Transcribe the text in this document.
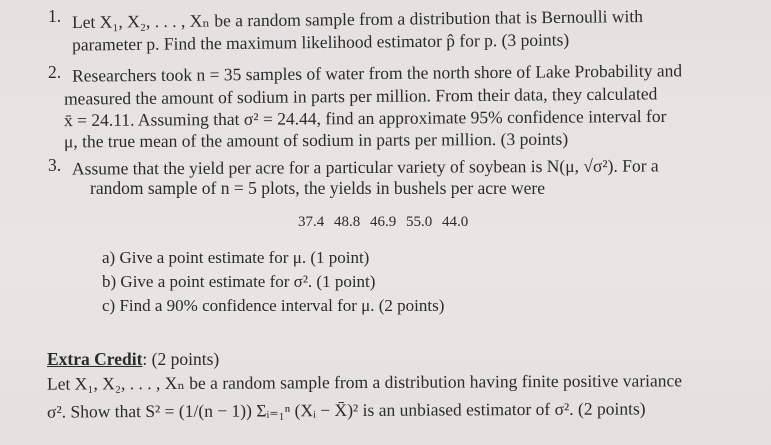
1. Let X₁, X₂, . . . , Xₙ be a random sample from a distribution that is Bernoulli with
parameter p. Find the maximum likelihood estimator p̂ for p. (3 points)
2. Researchers took n = 35 samples of water from the north shore of Lake Probability and
measured the amount of sodium in parts per million. From their data, they calculated
x̄ = 24.11. Assuming that σ² = 24.44, find an approximate 95% confidence interval for
μ, the true mean of the amount of sodium in parts per million. (3 points)
3. Assume that the yield per acre for a particular variety of soybean is N(μ, √σ²). For a
random sample of n = 5 plots, the yields in bushels per acre were
37.4 48.8 46.9 55.0 44.0
a) Give a point estimate for μ. (1 point)
b) Give a point estimate for σ². (1 point)
c) Find a 90% confidence interval for μ. (2 points)
Extra Credit: (2 points)
Let X₁, X₂, . . . , Xₙ be a random sample from a distribution having finite positive variance
σ². Show that S² = (1/(n − 1)) Σᵢ₌₁ⁿ (Xᵢ − X̄)² is an unbiased estimator of σ². (2 points)
